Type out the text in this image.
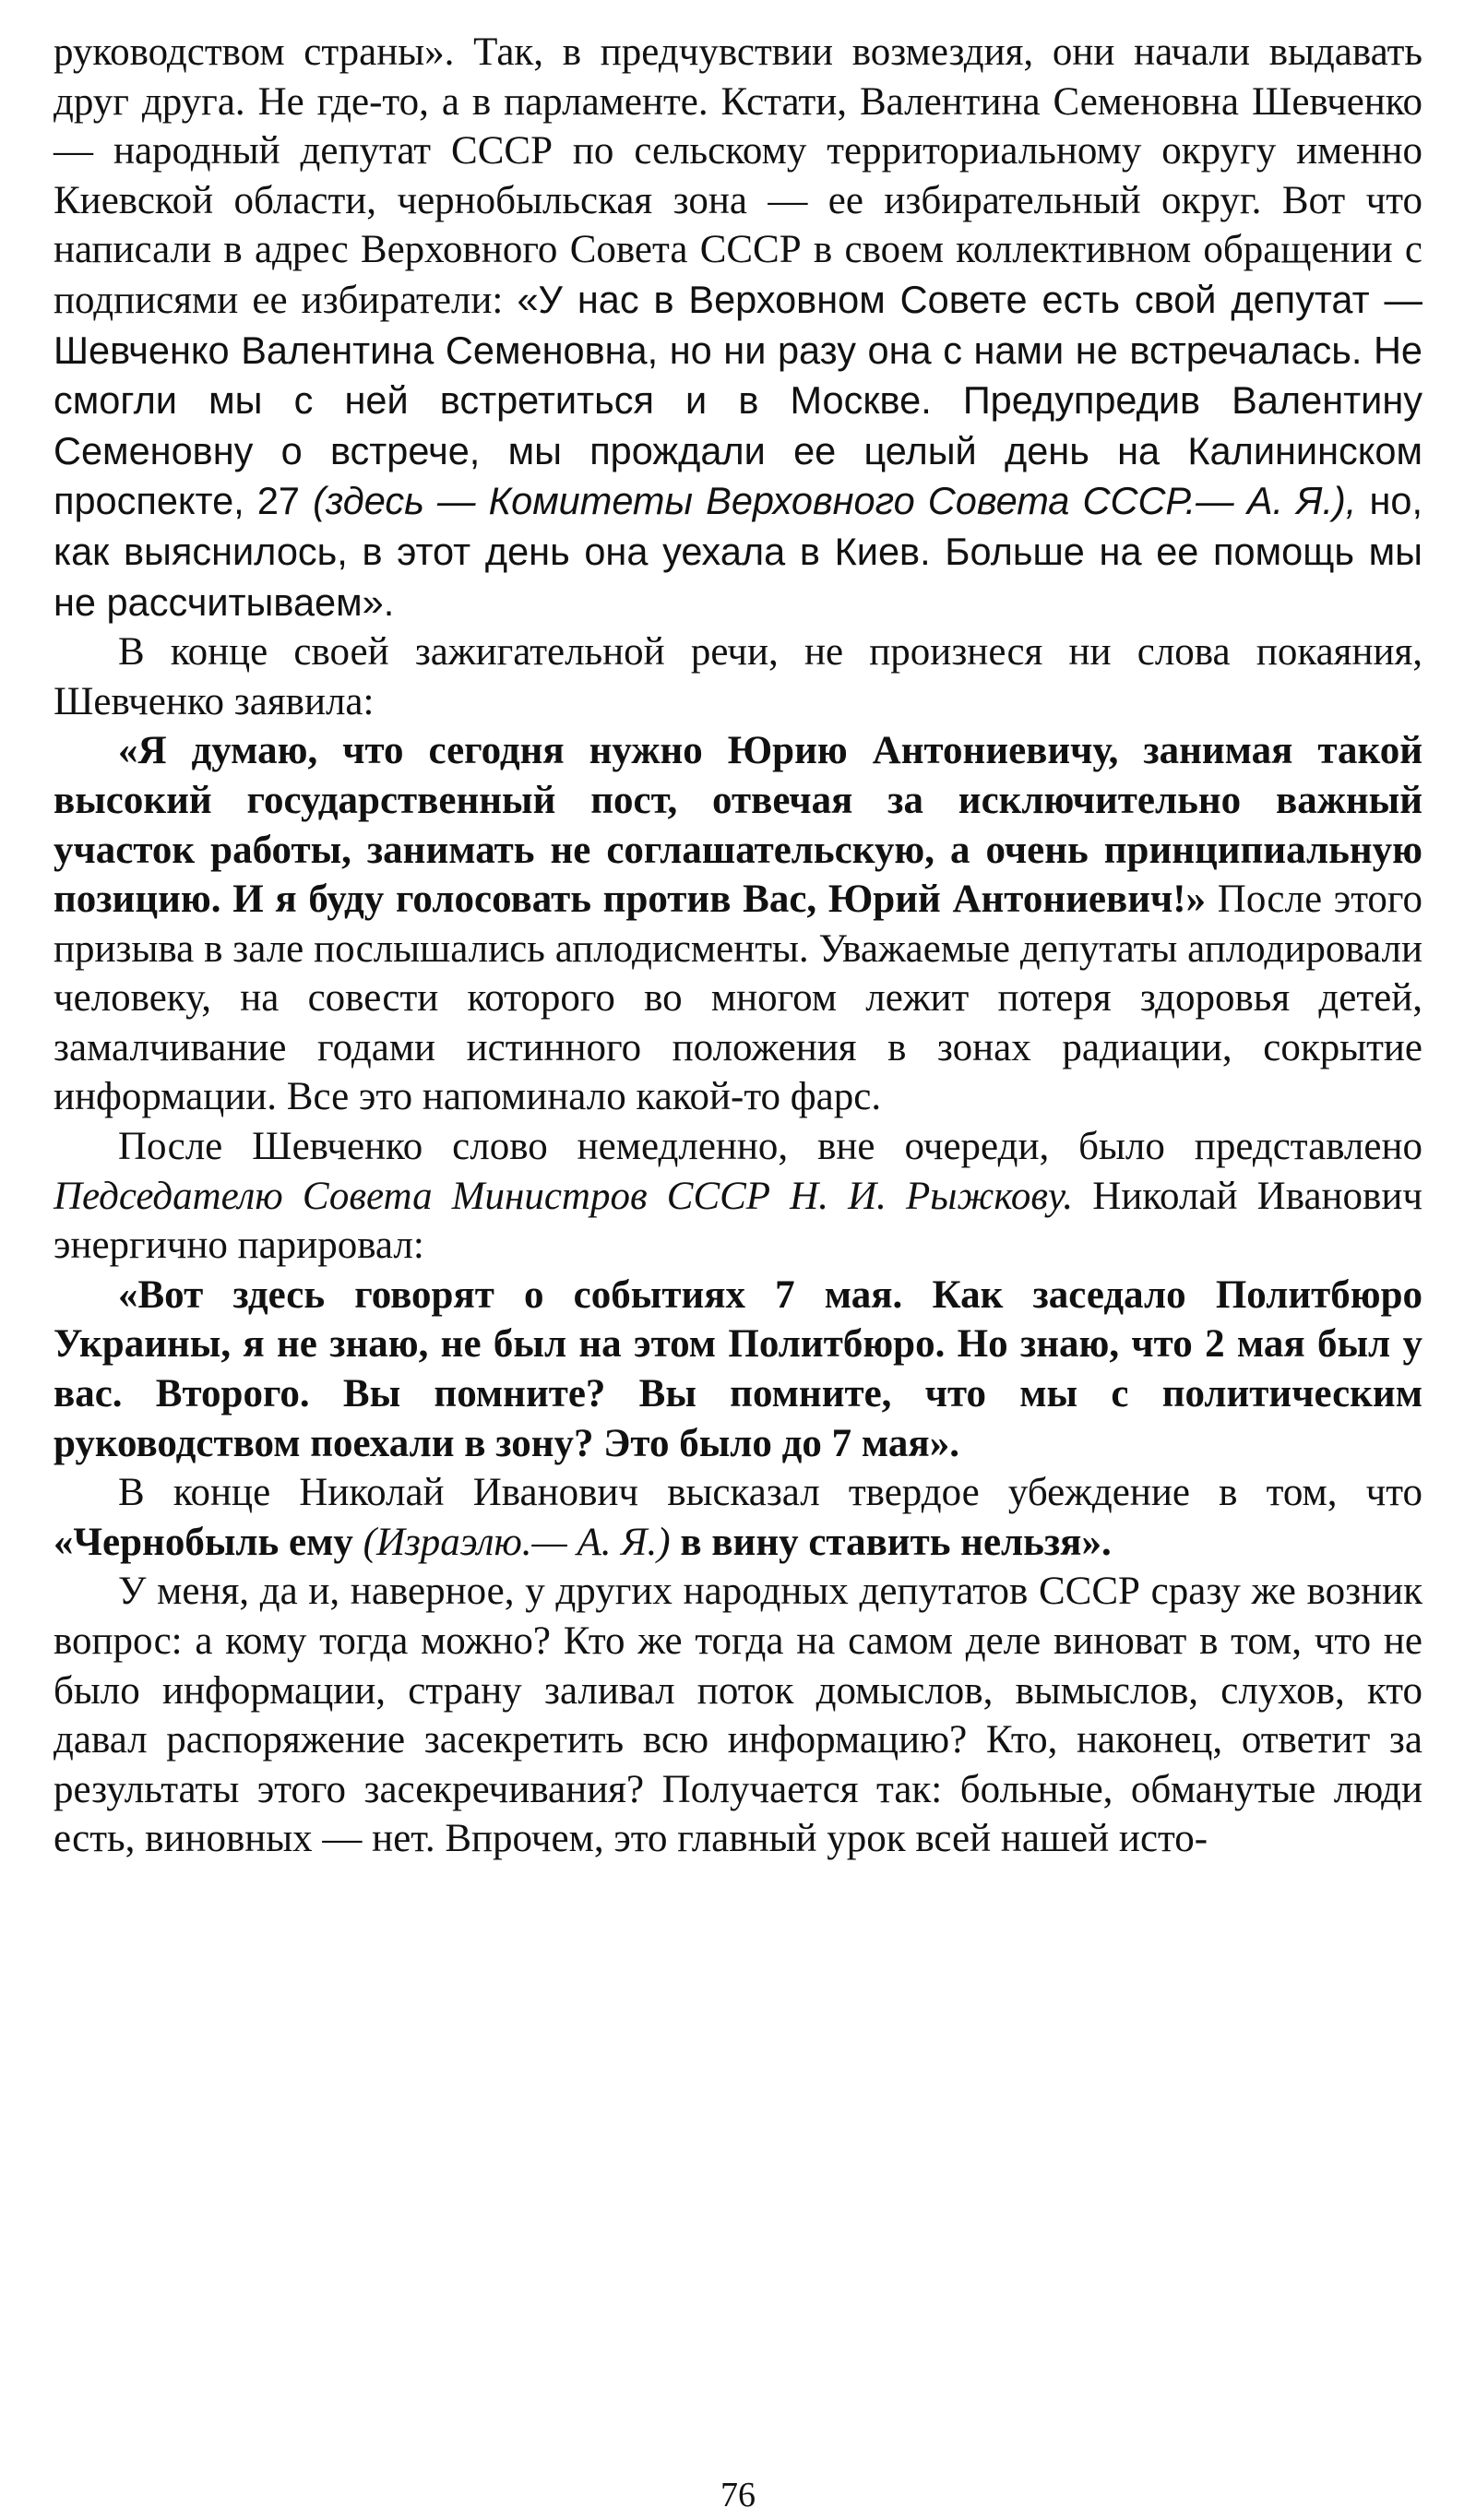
руководством страны». Так, в предчувствии возмездия, они начали выдавать друг друга. Не где-то, а в парламенте. Кстати, Валентина Семеновна Шевченко — народный депутат СССР по сельскому территориальному округу именно Киевской области, чернобыльская зона — ее избирательный округ. Вот что написали в адрес Верховного Совета СССР в своем коллективном обращении с подписями ее избиратели: «У нас в Верховном Совете есть свой депутат — Шевченко Валентина Семеновна, но ни разу она с нами не встречалась. Не смогли мы с ней встретиться и в Москве. Предупредив Валентину Семеновну о встрече, мы прождали ее целый день на Калининском проспекте, 27 (здесь — Комитеты Верховного Совета СССР.— А. Я.), но, как выяснилось, в этот день она уехала в Киев. Больше на ее помощь мы не рассчитываем».

В конце своей зажигательной речи, не произнеся ни слова покаяния, Шевченко заявила:

«Я думаю, что сегодня нужно Юрию Антониевичу, занимая такой высокий государственный пост, отвечая за исключительно важный участок работы, занимать не соглашательскую, а очень принципиальную позицию. И я буду голосовать против Вас, Юрий Антониевич!» После этого призыва в зале послышались аплодисменты. Уважаемые депутаты аплодировали человеку, на совести которого во многом лежит потеря здоровья детей, замалчивание годами истинного положения в зонах радиации, сокрытие информации. Все это напоминало какой-то фарс.

После Шевченко слово немедленно, вне очереди, было представлено Педседателю Совета Министров СССР Н. И. Рыжкову. Николай Иванович энергично парировал:

«Вот здесь говорят о событиях 7 мая. Как заседало Политбюро Украины, я не знаю, не был на этом Политбюро. Но знаю, что 2 мая был у вас. Второго. Вы помните? Вы помните, что мы с политическим руководством поехали в зону? Это было до 7 мая».

В конце Николай Иванович высказал твердое убеждение в том, что «Чернобыль ему (Израэлю.— А. Я.) в вину ставить нельзя».

У меня, да и, наверное, у других народных депутатов СССР сразу же возник вопрос: а кому тогда можно? Кто же тогда на самом деле виноват в том, что не было информации, страну заливал поток домыслов, вымыслов, слухов, кто давал распоряжение засекретить всю информацию? Кто, наконец, ответит за результаты этого засекречивания? Получается так: больные, обманутые люди есть, виновных — нет. Впрочем, это главный урок всей нашей исто-

76
